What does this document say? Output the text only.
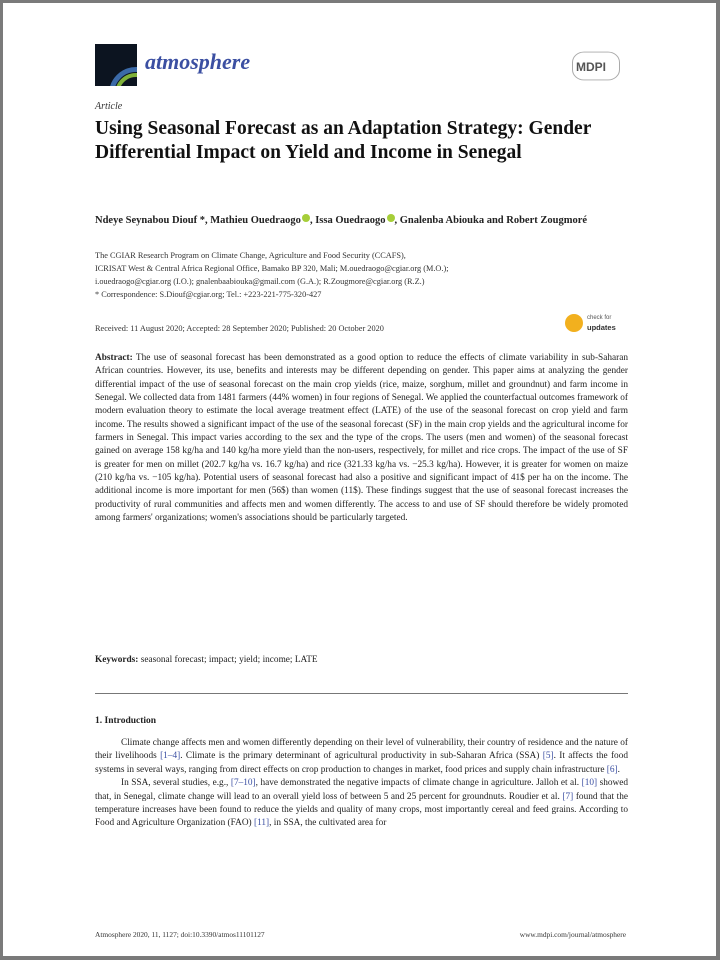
atmosphere	MDPI
Article
Using Seasonal Forecast as an Adaptation Strategy: Gender Differential Impact on Yield and Income in Senegal
Ndeye Seynabou Diouf *, Mathieu Ouedraogo , Issa Ouedraogo , Gnalenba Abiouka and Robert Zougmoré
The CGIAR Research Program on Climate Change, Agriculture and Food Security (CCAFS),
ICRISAT West & Central Africa Regional Office, Bamako BP 320, Mali; M.ouedraogo@cgiar.org (M.O.);
i.ouedraogo@cgiar.org (I.O.); gnalenbaabiouka@gmail.com (G.A.); R.Zougmore@cgiar.org (R.Z.)
* Correspondence: S.Diouf@cgiar.org; Tel.: +223-221-775-320-427
Received: 11 August 2020; Accepted: 28 September 2020; Published: 20 October 2020
check for
updates
Abstract: The use of seasonal forecast has been demonstrated as a good option to reduce the effects of climate variability in sub-Saharan African countries. However, its use, benefits and interests may be different depending on gender. This paper aims at analyzing the gender differential impact of the use of seasonal forecast on the main crop yields (rice, maize, sorghum, millet and groundnut) and farm income in Senegal. We collected data from 1481 farmers (44% women) in four regions of Senegal. We applied the counterfactual outcomes framework of modern evaluation theory to estimate the local average treatment effect (LATE) of the use of the seasonal forecast on crop yield and farm income. The results showed a significant impact of the use of the seasonal forecast (SF) in the main crop yields and the agricultural income for farmers in Senegal. This impact varies according to the sex and the type of the crops. The users (men and women) of the seasonal forecast gained on average 158 kg/ha and 140 kg/ha more yield than the non-users, respectively, for millet and rice crops. The impact of the use of SF is greater for men on millet (202.7 kg/ha vs. 16.7 kg/ha) and rice (321.33 kg/ha vs. −25.3 kg/ha). However, it is greater for women on maize (210 kg/ha vs. −105 kg/ha). Potential users of seasonal forecast had also a positive and significant impact of 41$ per ha on the income. The additional income is more important for men (56$) than women (11$). These findings suggest that the use of seasonal forecast increases the productivity of rural communities and affects men and women differently. The access to and use of SF should therefore be widely promoted among farmers' organizations; women's associations should be particularly targeted.
Keywords: seasonal forecast; impact; yield; income; LATE
1. Introduction

Climate change affects men and women differently depending on their level of vulnerability, their country of residence and the nature of their livelihoods [1–4]. Climate is the primary determinant of agricultural productivity in sub-Saharan Africa (SSA) [5]. It affects the food systems in several ways, ranging from direct effects on crop production to changes in market, food prices and supply chain infrastructure [6].

In SSA, several studies, e.g., [7–10], have demonstrated the negative impacts of climate change in agriculture. Jalloh et al. [10] showed that, in Senegal, climate change will lead to an overall yield loss of between 5 and 25 percent for groundnuts. Roudier et al. [7] found that the temperature increases have been found to reduce the yields and quality of many crops, most importantly cereal and feed grains. According to Food and Agriculture Organization (FAO) [11], in SSA, the cultivated area for

Atmosphere 2020, 11, 1127; doi:10.3390/atmos11101127	www.mdpi.com/journal/atmosphere
